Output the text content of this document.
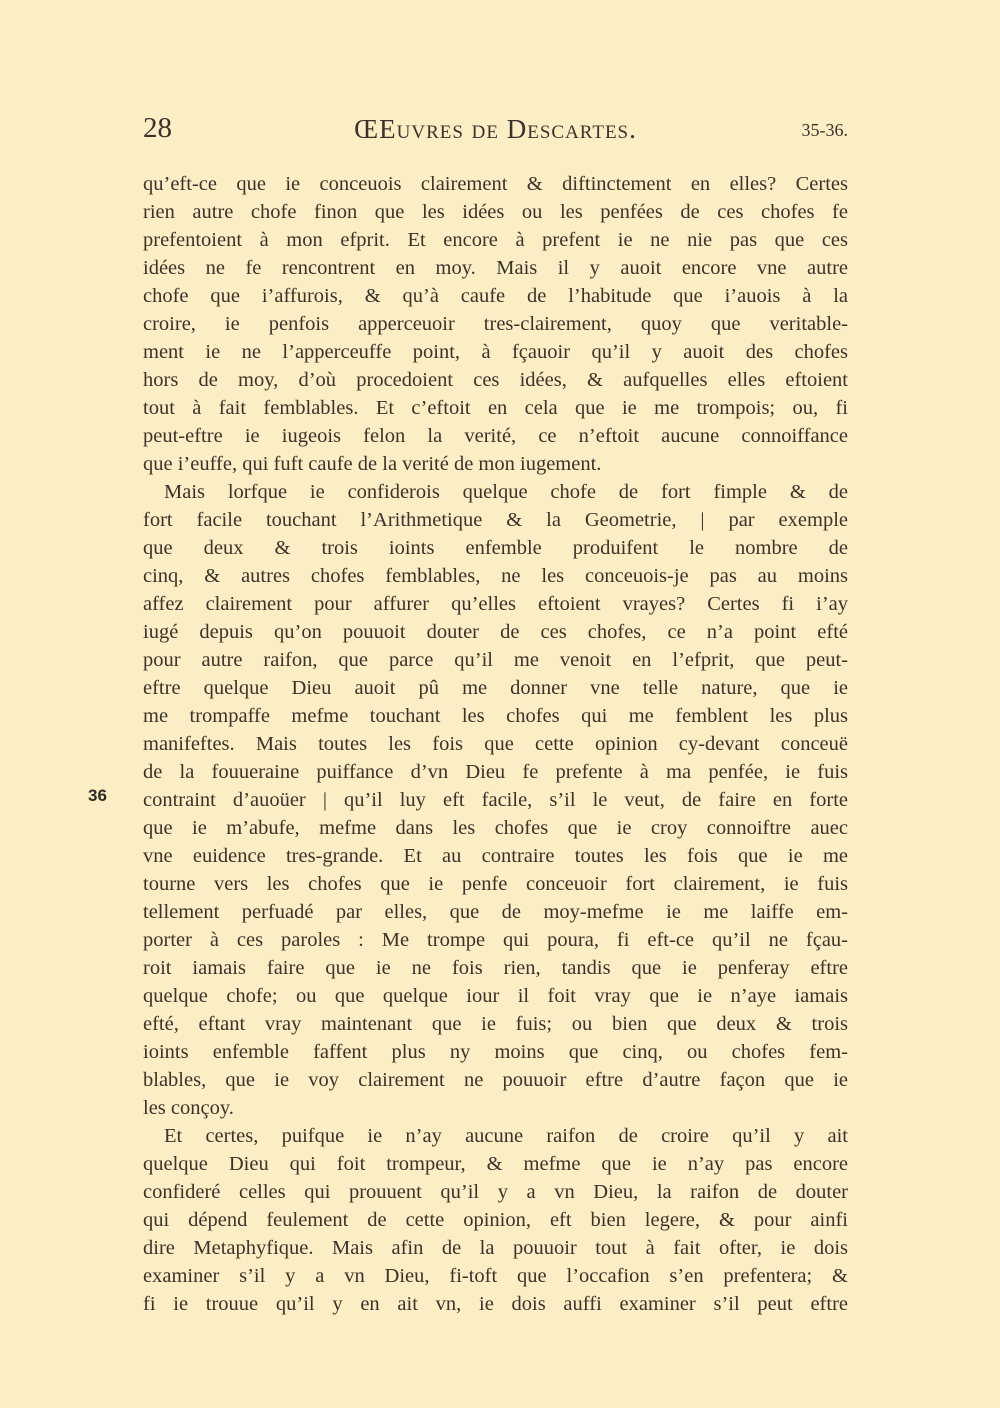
28	ŒEuvres de Descartes.	35-36.
36
qu’eft-ce que ie conceuois clairement & diftinctement en elles? Certes
rien autre chofe finon que les idées ou les penfées de ces chofes fe
prefentoient à mon efprit. Et encore à prefent ie ne nie pas que ces
idées ne fe rencontrent en moy. Mais il y auoit encore vne autre
chofe que i’affurois, & qu’à caufe de l’habitude que i’auois à la
croire, ie penfois apperceuoir tres-clairement, quoy que veritable-
ment ie ne l’apperceuffe point, à fçauoir qu’il y auoit des chofes
hors de moy, d’où procedoient ces idées, & aufquelles elles eftoient
tout à fait femblables. Et c’eftoit en cela que ie me trompois; ou, fi
peut-eftre ie iugeois felon la verité, ce n’eftoit aucune connoiffance
que i’euffe, qui fuft caufe de la verité de mon iugement.
Mais lorfque ie confiderois quelque chofe de fort fimple & de
fort facile touchant l’Arithmetique & la Geometrie, | par exemple
que deux & trois ioints enfemble produifent le nombre de
cinq, & autres chofes femblables, ne les conceuois-je pas au moins
affez clairement pour affurer qu’elles eftoient vrayes? Certes fi i’ay
iugé depuis qu’on pouuoit douter de ces chofes, ce n’a point efté
pour autre raifon, que parce qu’il me venoit en l’efprit, que peut-
eftre quelque Dieu auoit pû me donner vne telle nature, que ie
me trompaffe mefme touchant les chofes qui me femblent les plus
manifeftes. Mais toutes les fois que cette opinion cy-devant conceuë
de la fouueraine puiffance d’vn Dieu fe prefente à ma penfée, ie fuis
contraint d’auoüer | qu’il luy eft facile, s’il le veut, de faire en forte
que ie m’abufe, mefme dans les chofes que ie croy connoiftre auec
vne euidence tres-grande. Et au contraire toutes les fois que ie me
tourne vers les chofes que ie penfe conceuoir fort clairement, ie fuis
tellement perfuadé par elles, que de moy-mefme ie me laiffe em-
porter à ces paroles : Me trompe qui poura, fi eft-ce qu’il ne fçau-
roit iamais faire que ie ne fois rien, tandis que ie penferay eftre
quelque chofe; ou que quelque iour il foit vray que ie n’aye iamais
efté, eftant vray maintenant que ie fuis; ou bien que deux & trois
ioints enfemble faffent plus ny moins que cinq, ou chofes fem-
blables, que ie voy clairement ne pouuoir eftre d’autre façon que ie
les conçoy.
Et certes, puifque ie n’ay aucune raifon de croire qu’il y ait
quelque Dieu qui foit trompeur, & mefme que ie n’ay pas encore
confideré celles qui prouuent qu’il y a vn Dieu, la raifon de douter
qui dépend feulement de cette opinion, eft bien legere, & pour ainfi
dire Metaphyfique. Mais afin de la pouuoir tout à fait ofter, ie dois
examiner s’il y a vn Dieu, fi-toft que l’occafion s’en prefentera; &
fi ie trouue qu’il y en ait vn, ie dois auffi examiner s’il peut eftre
